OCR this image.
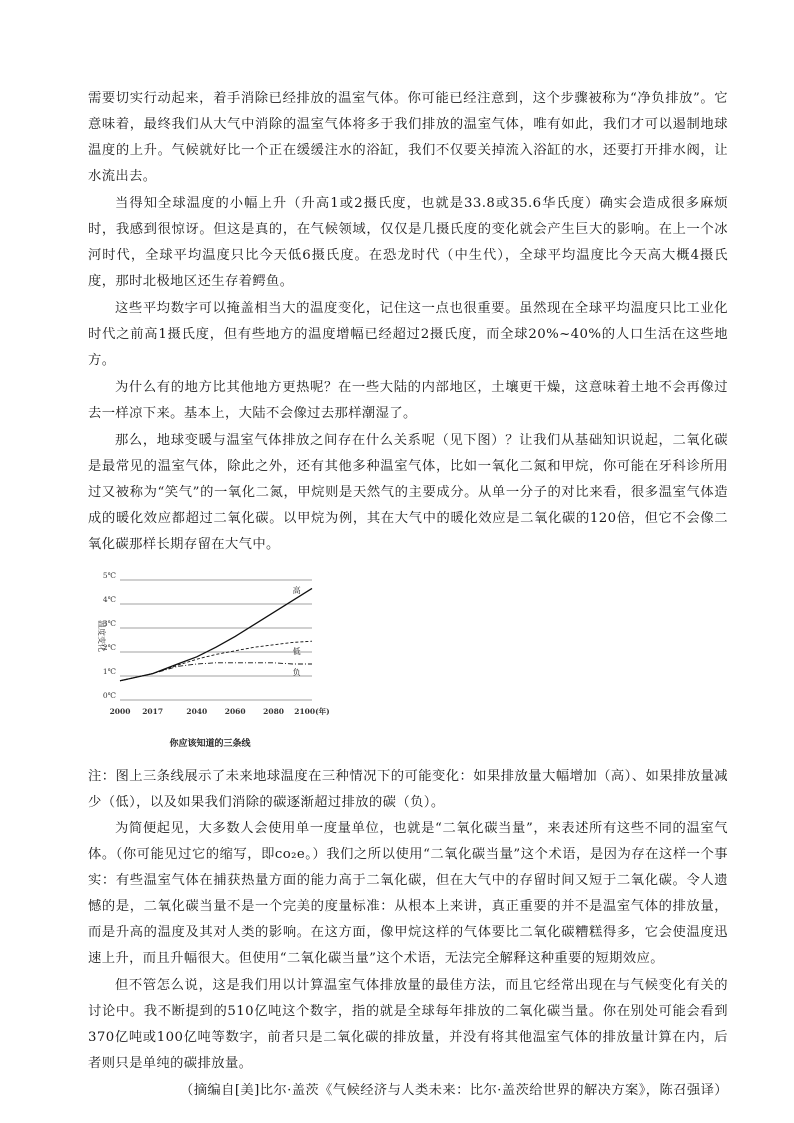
需要切实行动起来，着手消除已经排放的温室气体。你可能已经注意到，这个步骤被称为“净负排放”。它意味着，最终我们从大气中消除的温室气体将多于我们排放的温室气体，唯有如此，我们才可以遏制地球温度的上升。气候就好比一个正在缓缓注水的浴缸，我们不仅要关掉流入浴缸的水，还要打开排水阀，让水流出去。

当得知全球温度的小幅上升（升高1或2摄氏度，也就是33.8或35.6华氏度）确实会造成很多麻烦时，我感到很惊讶。但这是真的，在气候领域，仅仅是几摄氏度的变化就会产生巨大的影响。在上一个冰河时代，全球平均温度只比今天低6摄氏度。在恐龙时代（中生代），全球平均温度比今天高大概4摄氏度，那时北极地区还生存着鳄鱼。

这些平均数字可以掩盖相当大的温度变化，记住这一点也很重要。虽然现在全球平均温度只比工业化时代之前高1摄氏度，但有些地方的温度增幅已经超过2摄氏度，而全球20%~40%的人口生活在这些地方。

为什么有的地方比其他地方更热呢？在一些大陆的内部地区，土壤更干燥，这意味着土地不会再像过去一样凉下来。基本上，大陆不会像过去那样潮湿了。

那么，地球变暖与温室气体排放之间存在什么关系呢（见下图）？让我们从基础知识说起，二氧化碳是最常见的温室气体，除此之外，还有其他多种温室气体，比如一氧化二氮和甲烷，你可能在牙科诊所用过又被称为“笑气”的一氧化二氮，甲烷则是天然气的主要成分。从单一分子的对比来看，很多温室气体造成的暖化效应都超过二氧化碳。以甲烷为例，其在大气中的暖化效应是二氧化碳的120倍，但它不会像二氧化碳那样长期存留在大气中。

0℃
1℃
2℃
3℃
4℃
5℃
2000 2017	2040 2060 2080 2100(年)
高
低
负
温度变化
你应该知道的三条线

注：图上三条线展示了未来地球温度在三种情况下的可能变化：如果排放量大幅增加（高）、如果排放量减少（低），以及如果我们消除的碳逐渐超过排放的碳（负）。

为简便起见，大多数人会使用单一度量单位，也就是“二氧化碳当量”，来表述所有这些不同的温室气体。（你可能见过它的缩写，即co₂e。）我们之所以使用“二氧化碳当量”这个术语，是因为存在这样一个事实：有些温室气体在捕获热量方面的能力高于二氧化碳，但在大气中的存留时间又短于二氧化碳。令人遗憾的是，二氧化碳当量不是一个完美的度量标准：从根本上来讲，真正重要的并不是温室气体的排放量，而是升高的温度及其对人类的影响。在这方面，像甲烷这样的气体要比二氧化碳糟糕得多，它会使温度迅速上升，而且升幅很大。但使用“二氧化碳当量”这个术语，无法完全解释这种重要的短期效应。

但不管怎么说，这是我们用以计算温室气体排放量的最佳方法，而且它经常出现在与气候变化有关的讨论中。我不断提到的510亿吨这个数字，指的就是全球每年排放的二氧化碳当量。你在别处可能会看到370亿吨或100亿吨等数字，前者只是二氧化碳的排放量，并没有将其他温室气体的排放量计算在内，后者则只是单纯的碳排放量。

（摘编自[美]比尔·盖茨《气候经济与人类未来：比尔·盖茨给世界的解决方案》，陈召强译）
